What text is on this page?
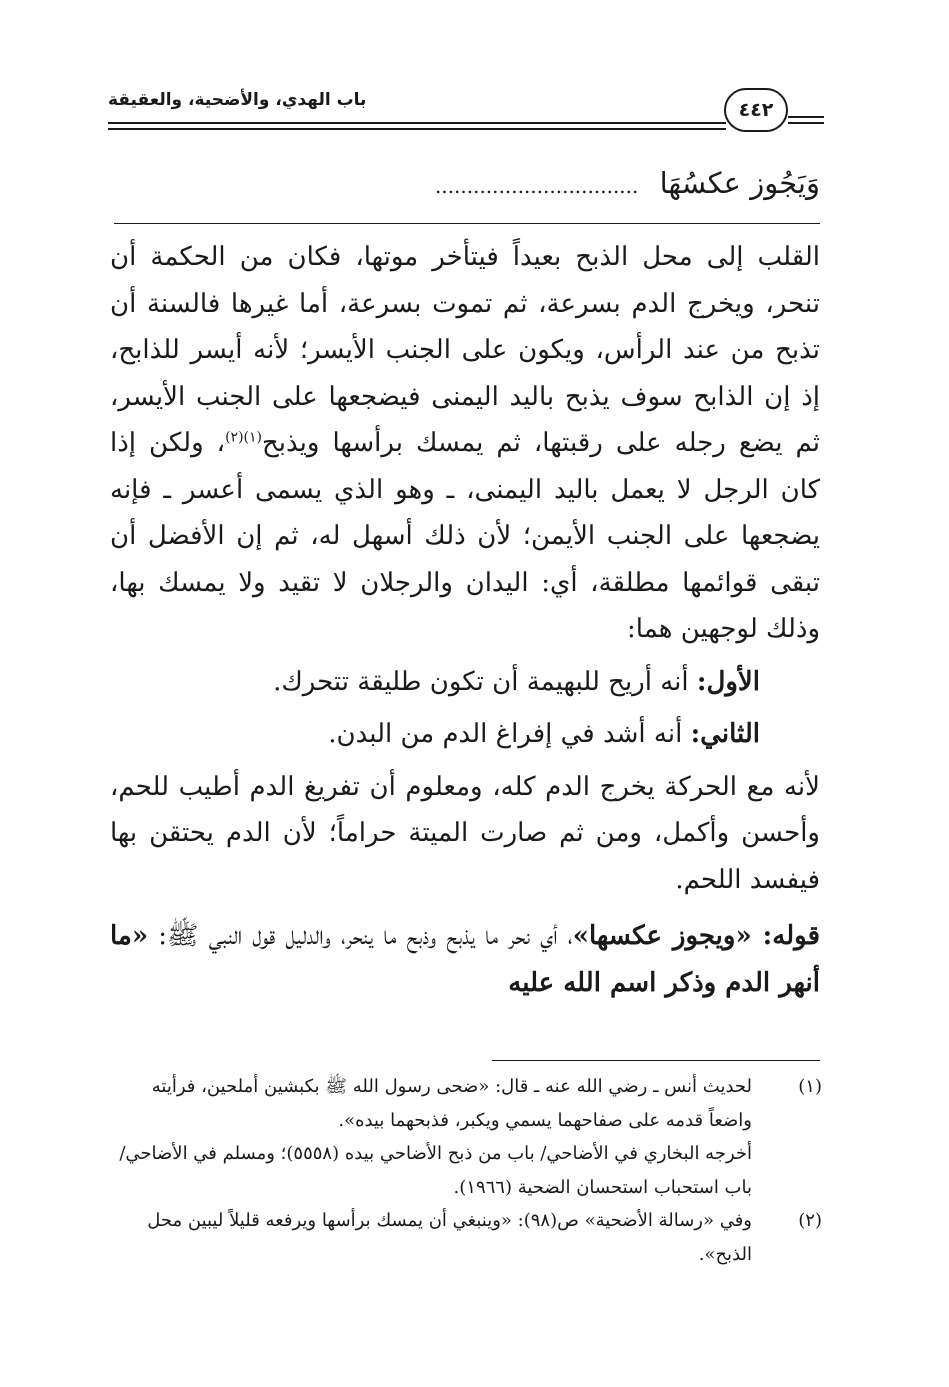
باب الهدي، والأضحية، والعقيقة	٤٤٢
وَيَجُوز عكسُهَا ................................

القلب إلى محل الذبح بعيداً فيتأخر موتها، فكان من الحكمة أن تنحر، ويخرج الدم بسرعة، ثم تموت بسرعة، أما غيرها فالسنة أن تذبح من عند الرأس، ويكون على الجنب الأيسر؛ لأنه أيسر للذابح، إذ إن الذابح سوف يذبح باليد اليمنى فيضجعها على الجنب الأيسر، ثم يضع رجله على رقبتها، ثم يمسك برأسها ويذبح$^{(١)(٢)}$، ولكن إذا كان الرجل لا يعمل باليد اليمنى، ـ وهو الذي يسمى أعسر ـ فإنه يضجعها على الجنب الأيمن؛ لأن ذلك أسهل له، ثم إن الأفضل أن تبقى قوائمها مطلقة، أي: اليدان والرجلان لا تقيد ولا يمسك بها، وذلك لوجهين هما:

الأول: أنه أريح للبهيمة أن تكون طليقة تتحرك.

الثاني: أنه أشد في إفراغ الدم من البدن.

لأنه مع الحركة يخرج الدم كله، ومعلوم أن تفريغ الدم أطيب للحم، وأحسن وأكمل، ومن ثم صارت الميتة حراماً؛ لأن الدم يحتقن بها فيفسد اللحم.

قوله: «ويجوز عكسها»، أي نحر ما يذبح وذبح ما ينحر، والدليل قول النبي ﷺ: «ما أنهر الدم وذكر اسم الله عليه

(١)

لحديث أنس ـ رضي الله عنه ـ قال: «ضحى رسول الله ﷺ بكبشين أملحين، فرأيته واضعاً قدمه على صفاحهما يسمي ويكبر، فذبحهما بيده».

أخرجه البخاري في الأضاحي/ باب من ذبح الأضاحي بيده (٥٥٥٨)؛ ومسلم في الأضاحي/ باب استحباب استحسان الضحية (١٩٦٦).

(٢)

وفي «رسالة الأضحية» ص(٩٨): «وينبغي أن يمسك برأسها ويرفعه قليلاً ليبين محل الذبح».
